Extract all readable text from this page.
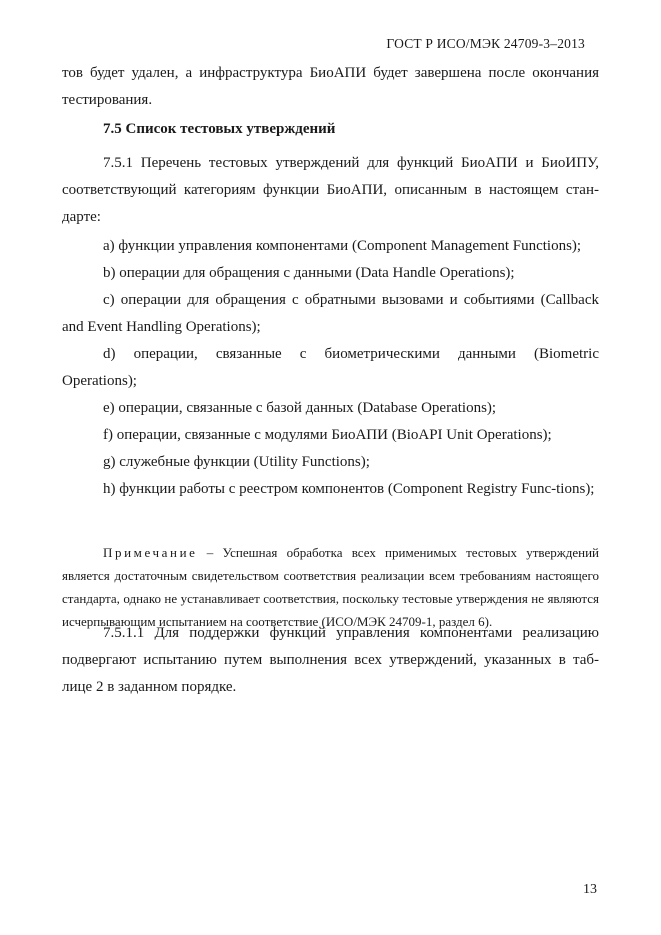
ГОСТ Р ИСО/МЭК 24709-3–2013

тов будет удален, а инфраструктура БиоАПИ будет завершена после окончания тестирования.

7.5 Список тестовых утверждений

7.5.1 Перечень тестовых утверждений для функций БиоАПИ и БиоИПУ, соответствующий категориям функции БиоАПИ, описанным в настоящем стан-дарте:

a) функции управления компонентами (Component Management Functions);

b) операции для обращения с данными (Data Handle Operations);

c) операции для обращения с обратными вызовами и событиями (Callback and Event Handling Operations);

d) операции, связанные с биометрическими данными (Biometric Operations);

e) операции, связанные с базой данных (Database Operations);

f) операции, связанные с модулями БиоАПИ (BioAPI Unit Operations);

g) служебные функции (Utility Functions);

h) функции работы с реестром компонентов (Component Registry Func-tions);

Примечание – Успешная обработка всех применимых тестовых утверждений является достаточным свидетельством соответствия реализации всем требованиям настоящего стандарта, однако не устанавливает соответствия, поскольку тестовые утверждения не являются исчерпывающим испытанием на соответствие (ИСО/МЭК 24709-1, раздел 6).

7.5.1.1 Для поддержки функций управления компонентами реализацию подвергают испытанию путем выполнения всех утверждений, указанных в таб-лице 2 в заданном порядке.

13
